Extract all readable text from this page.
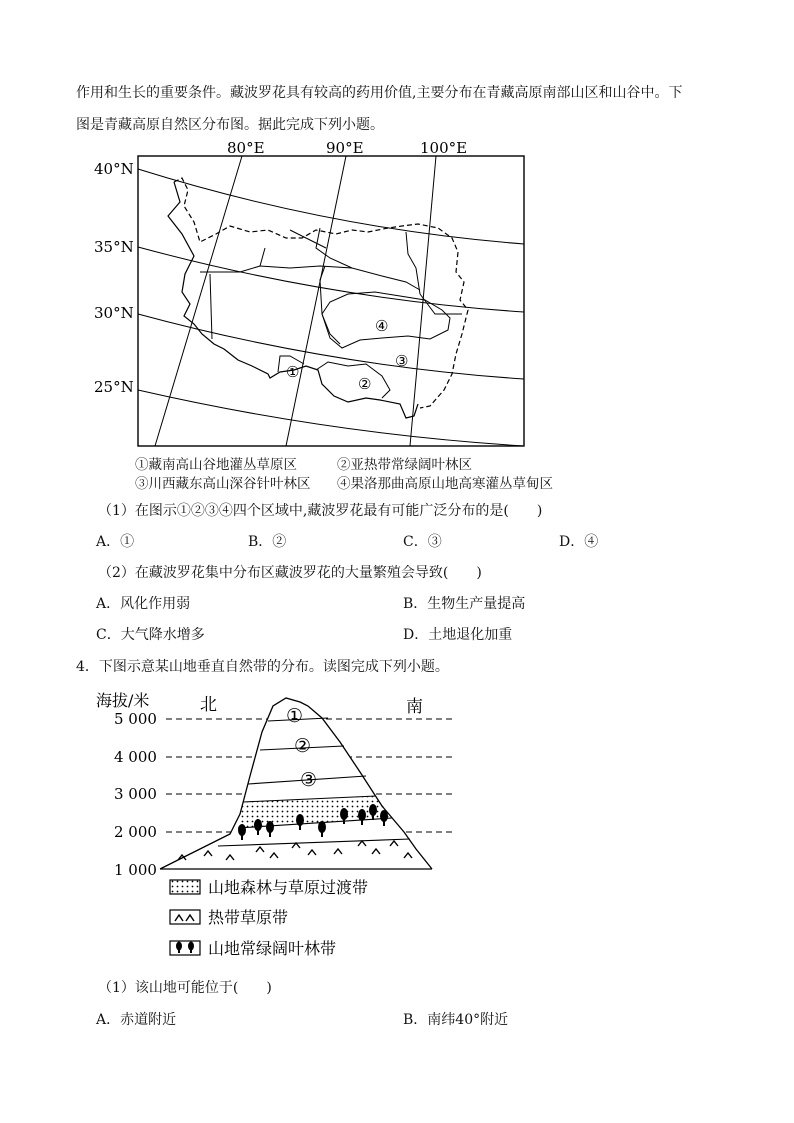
作用和生长的重要条件。藏波罗花具有较高的药用价值,主要分布在青藏高原南部山区和山谷中。下
图是青藏高原自然区分布图。据此完成下列小题。
80°E	90°E	100°E
40°N
35°N
30°N
25°N
①
②
③
④
①藏南高山谷地灌丛草原区	②亚热带常绿阔叶林区
③川西藏东高山深谷针叶林区 ④果洛那曲高原山地高寒灌丛草甸区
（1）在图示①②③④四个区域中,藏波罗花最有可能广泛分布的是(　　)
A．①	B．②	C．③	D．④
（2）在藏波罗花集中分布区藏波罗花的大量繁殖会导致(　　)
A．风化作用弱	B．生物生产量提高
C．大气降水增多	D．土地退化加重
4．下图示意某山地垂直自然带的分布。读图完成下列小题。
海拔/米	北	南
5 000
4 000
3 000
2 000
1 000
①
②
③
山地森林与草原过渡带
热带草原带
山地常绿阔叶林带
（1）该山地可能位于(　　)
A．赤道附近	B．南纬40°附近
